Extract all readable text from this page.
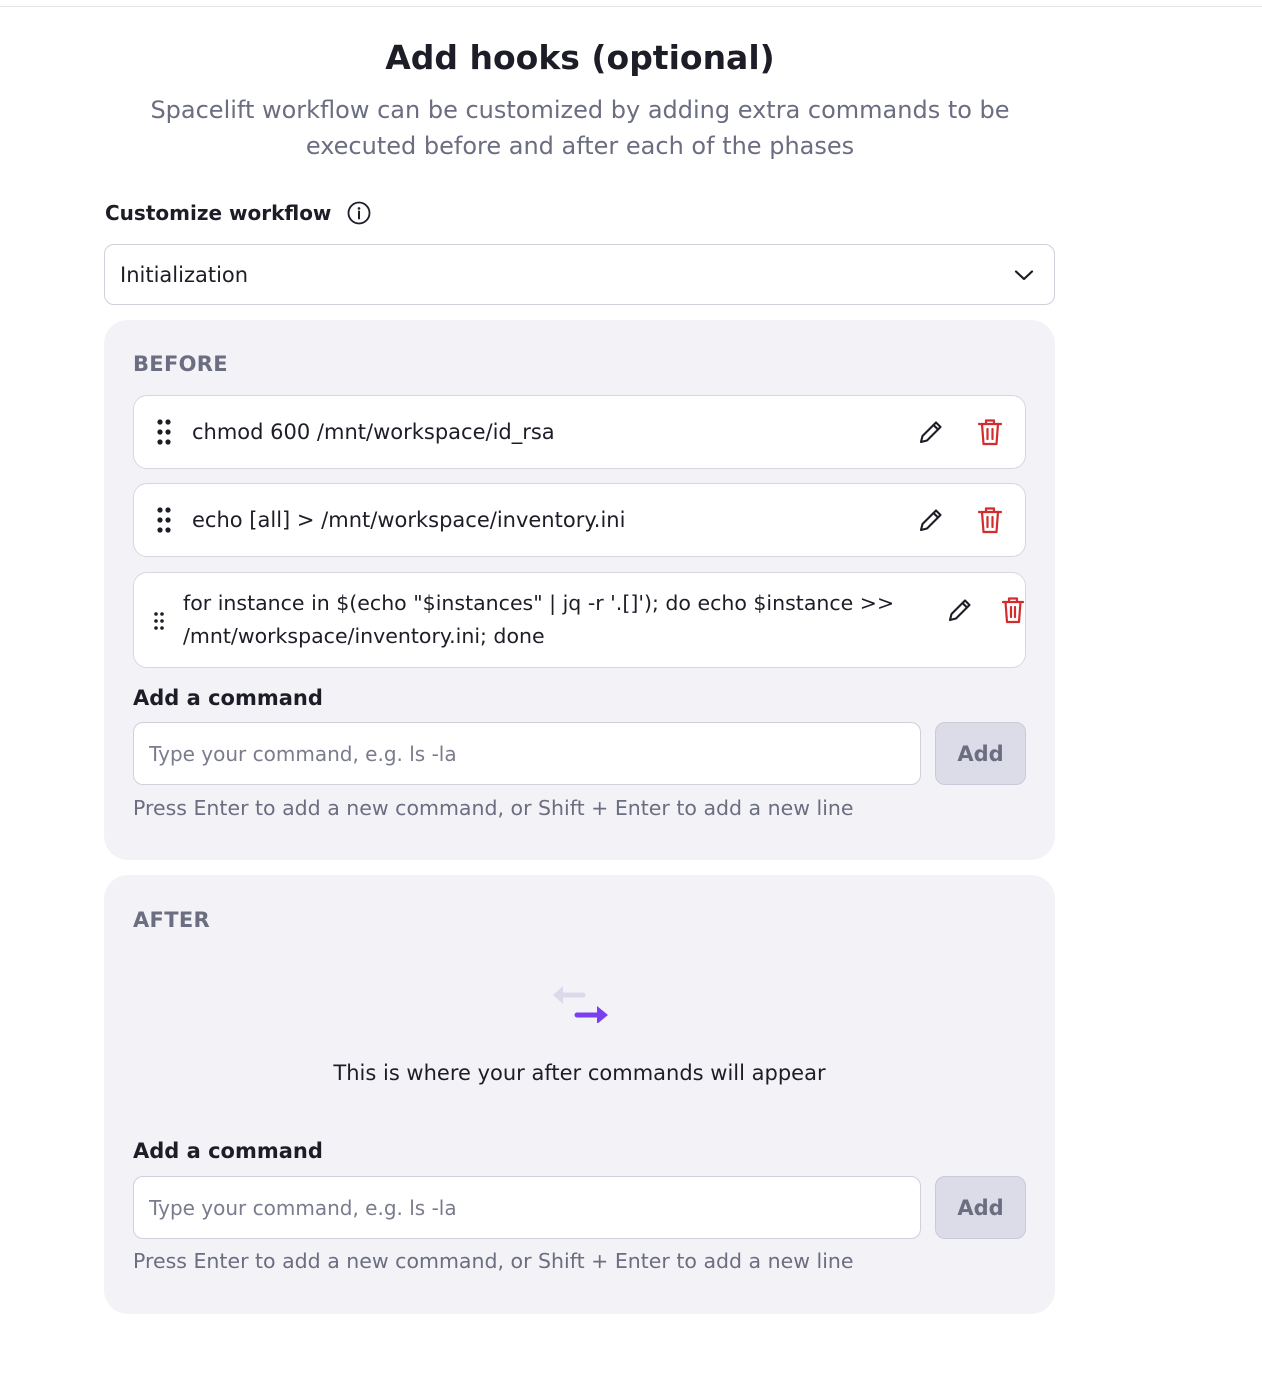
Add hooks (optional)

Spacelift workflow can be customized by adding extra commands to be executed before and after each of the phases

Customize workflow
Initialization
BEFORE
chmod 600 /mnt/workspace/id_rsa
echo [all] > /mnt/workspace/inventory.ini
for instance in $(echo "$instances" | jq -r '.[]'); do echo $instance >> /mnt/workspace/inventory.ini; done
Add a command
Type your command, e.g. ls -la
Add
Press Enter to add a new command, or Shift + Enter to add a new line
AFTER
This is where your after commands will appear
Add a command
Type your command, e.g. ls -la
Add
Press Enter to add a new command, or Shift + Enter to add a new line
